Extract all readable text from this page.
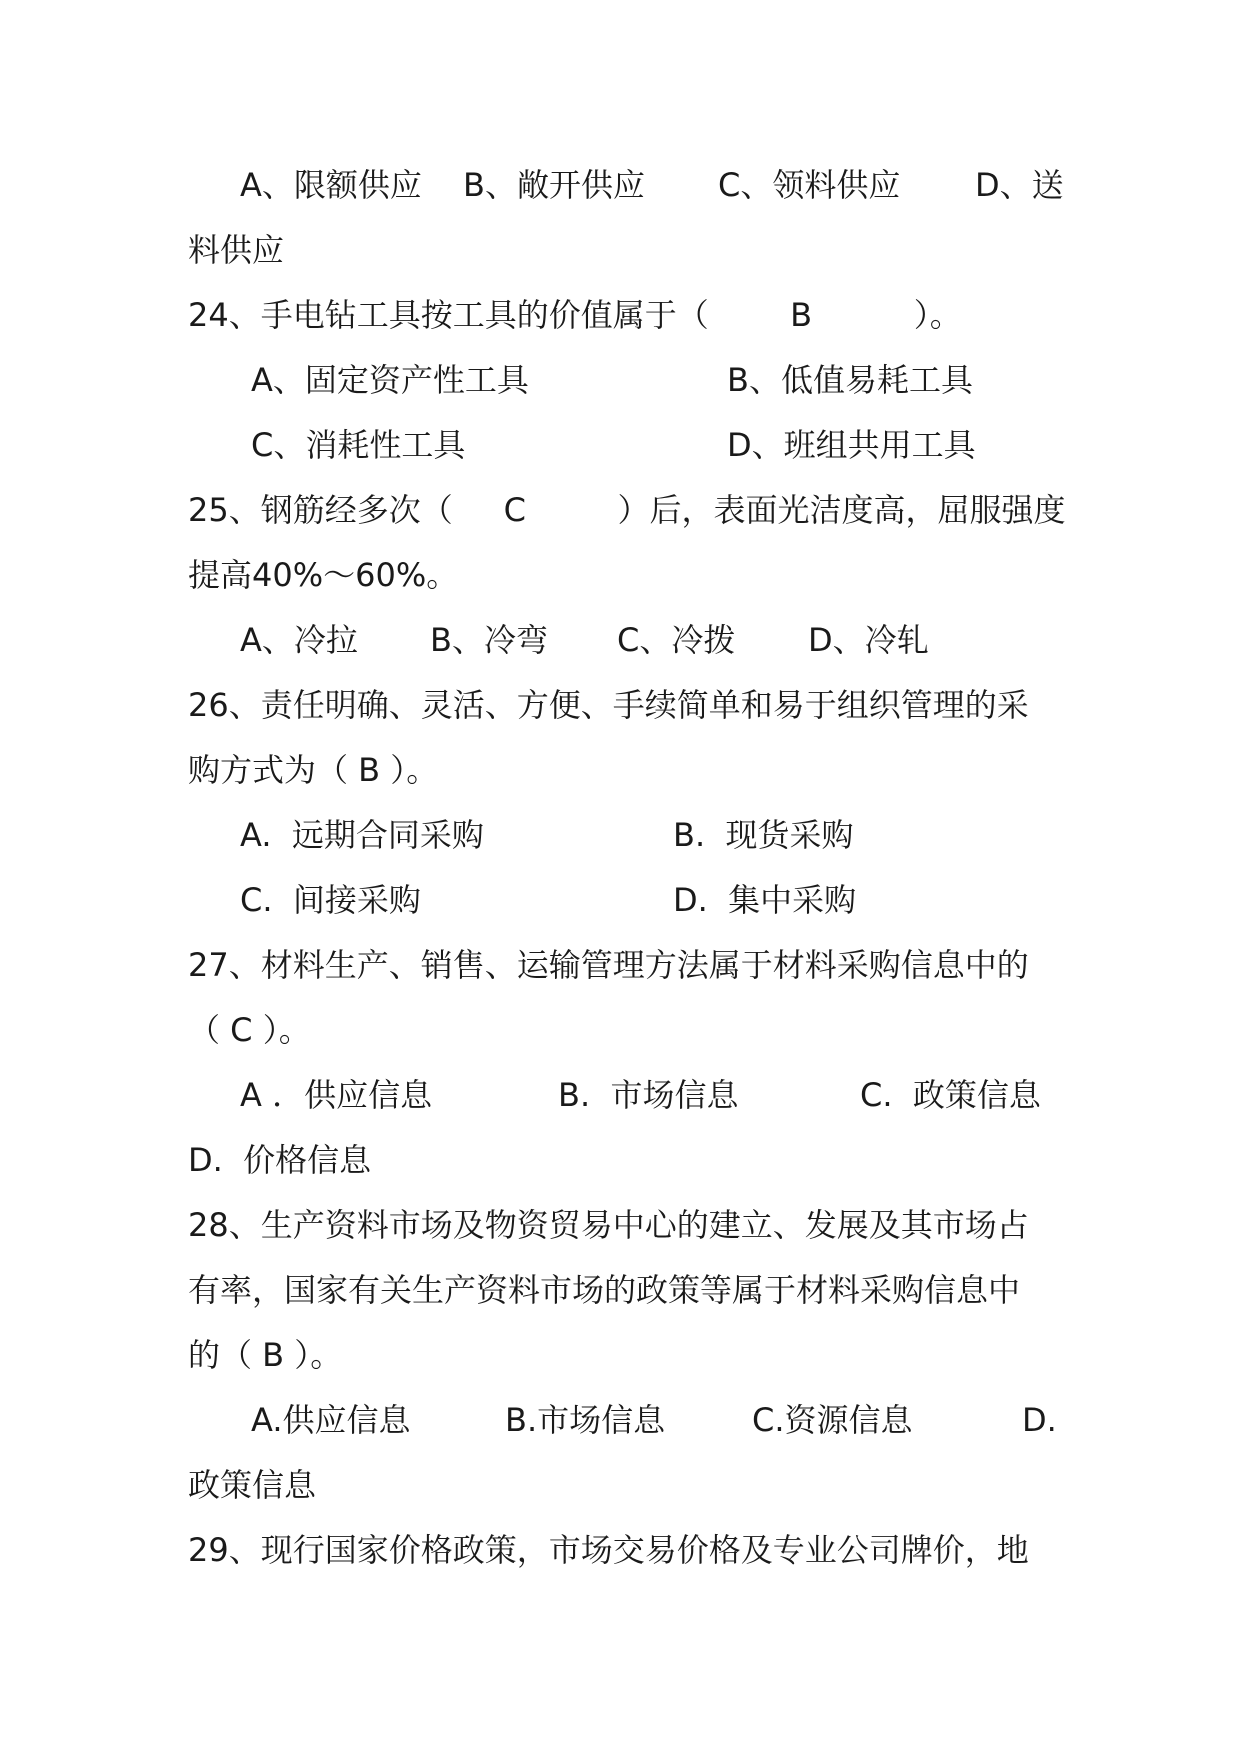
A、限额供应 B、敞开供应 C、领料供应 D、送
料供应
24、手电钻工具按工具的价值属于（        B          ）。
A、固定资产性工具	B、低值易耗工具
C、消耗性工具	D、班组共用工具
25、钢筋经多次（     C         ）后，表面光洁度高，屈服强度
提高40%～60%。
A、冷拉 B、冷弯 C、冷拨 D、冷轧
26、责任明确、灵活、方便、手续简单和易于组织管理的采
购方式为（ B ）。
A.  远期合同采购	B.  现货采购
C.  间接采购	D.  集中采购
27、材料生产、销售、运输管理方法属于材料采购信息中的
（ C ）。
A ．供应信息	B.  市场信息	C.  政策信息
D.  价格信息
28、生产资料市场及物资贸易中心的建立、发展及其市场占
有率，国家有关生产资料市场的政策等属于材料采购信息中
的（ B ）。
A.供应信息	B.市场信息	C.资源信息	D.
政策信息
29、现行国家价格政策，市场交易价格及专业公司牌价，地
